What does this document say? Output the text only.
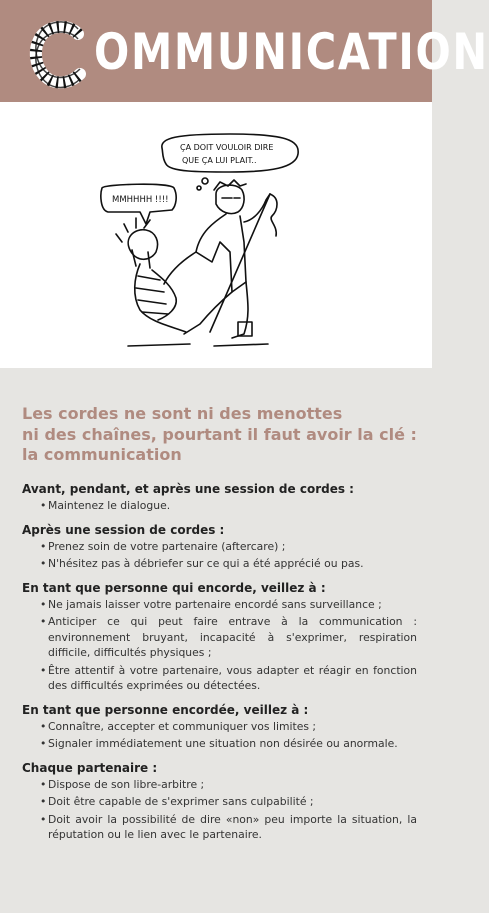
OMMUNICATION
ÇA DOIT VOULOIR DIRE
QUE ÇA LUI PLAIT..
MMHHHH !!!!
Les cordes ne sont ni des menottes
ni des chaînes, pourtant il faut avoir la clé :
la communication
Avant, pendant, et après une session de cordes :
• Maintenez le dialogue.
Après une session de cordes :
• Prenez soin de votre partenaire (aftercare) ;
• N'hésitez pas à débriefer sur ce qui a été apprécié ou pas.
En tant que personne qui encorde, veillez à :
• Ne jamais laisser votre partenaire encordé sans surveillance ;
• Anticiper ce qui peut faire entrave à la communication : environnement bruyant, incapacité à s'exprimer, respiration difficile, difficultés physiques ;
• Être attentif à votre partenaire, vous adapter et réagir en fonction des difficultés exprimées ou détectées.
En tant que personne encordée, veillez à :
• Connaître, accepter et communiquer vos limites ;
• Signaler immédiatement une situation non désirée ou anormale.
Chaque partenaire :
• Dispose de son libre-arbitre ;
• Doit être capable de s'exprimer sans culpabilité ;
• Doit avoir la possibilité de dire «non» peu importe la situation, la réputation ou le lien avec le partenaire.
